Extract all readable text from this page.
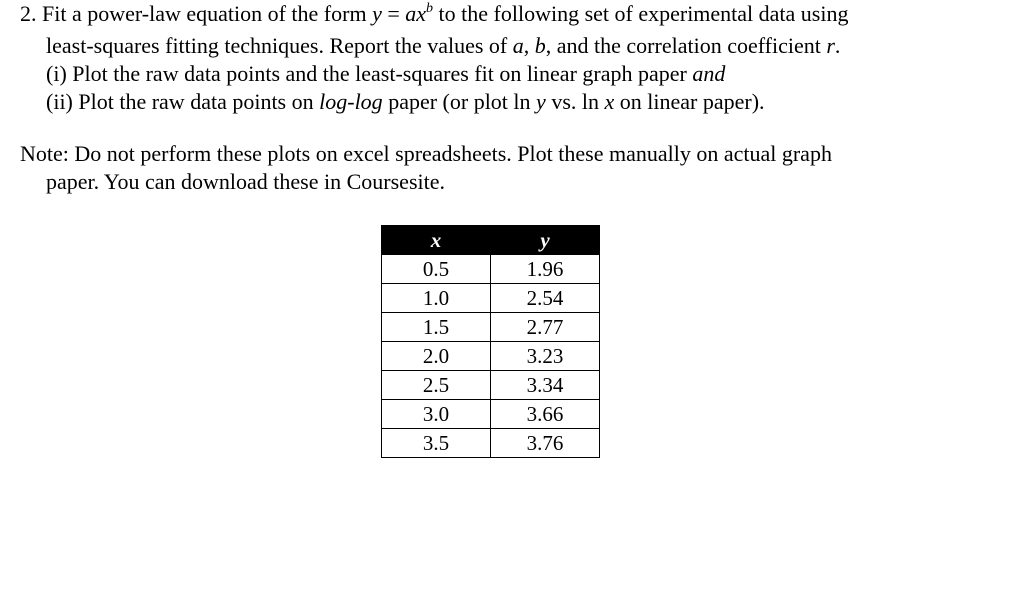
2. Fit a power-law equation of the form $y = ax^b$ to the following set of experimental data using
least-squares fitting techniques. Report the values of a, b, and the correlation coefficient r.
(i) Plot the raw data points and the least-squares fit on linear graph paper and
(ii) Plot the raw data points on log-log paper (or plot ln y vs. ln x on linear paper).
Note: Do not perform these plots on excel spreadsheets. Plot these manually on actual graph
paper. You can download these in Coursesite.
x	y
0.5	1.96
1.0	2.54
1.5	2.77
2.0	3.23
2.5	3.34
3.0	3.66
3.5	3.76
